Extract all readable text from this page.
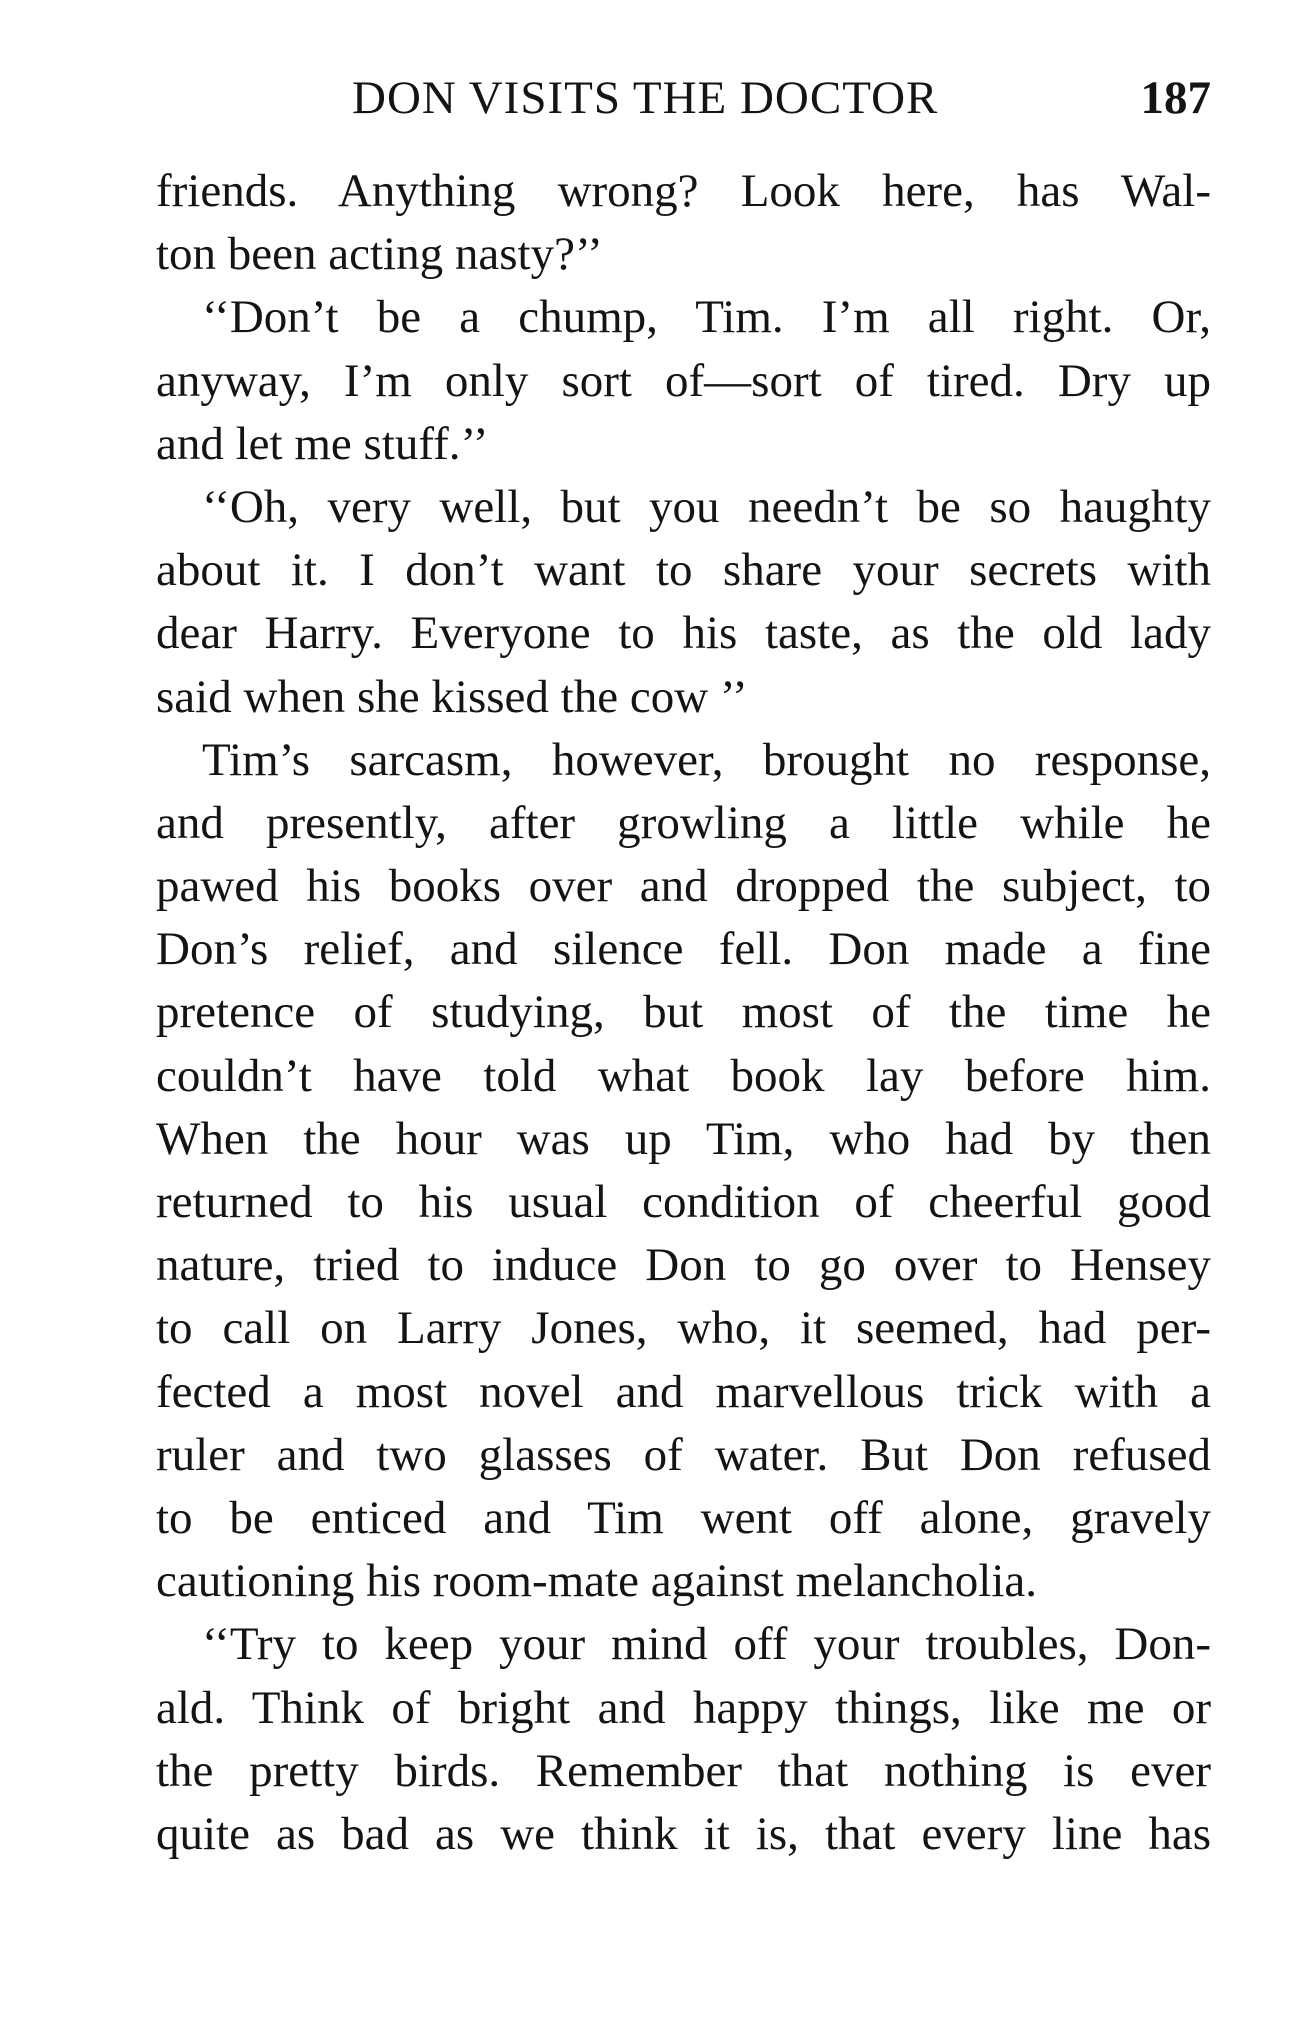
DON VISITS THE DOCTOR	187
friends. Anything wrong? Look here, has Wal-
ton been acting nasty?’’
‘‘Don’t be a chump, Tim. I’m all right. Or,
anyway, I’m only sort of—sort of tired. Dry up
and let me stuff.’’
‘‘Oh, very well, but you needn’t be so haughty
about it. I don’t want to share your secrets with
dear Harry. Everyone to his taste, as the old lady
said when she kissed the cow ’’
Tim’s sarcasm, however, brought no response,
and presently, after growling a little while he
pawed his books over and dropped the subject, to
Don’s relief, and silence fell. Don made a fine
pretence of studying, but most of the time he
couldn’t have told what book lay before him.
When the hour was up Tim, who had by then
returned to his usual condition of cheerful good
nature, tried to induce Don to go over to Hensey
to call on Larry Jones, who, it seemed, had per-
fected a most novel and marvellous trick with a
ruler and two glasses of water. But Don refused
to be enticed and Tim went off alone, gravely
cautioning his room-mate against melancholia.
‘‘Try to keep your mind off your troubles, Don-
ald. Think of bright and happy things, like me or
the pretty birds. Remember that nothing is ever
quite as bad as we think it is, that every line has
